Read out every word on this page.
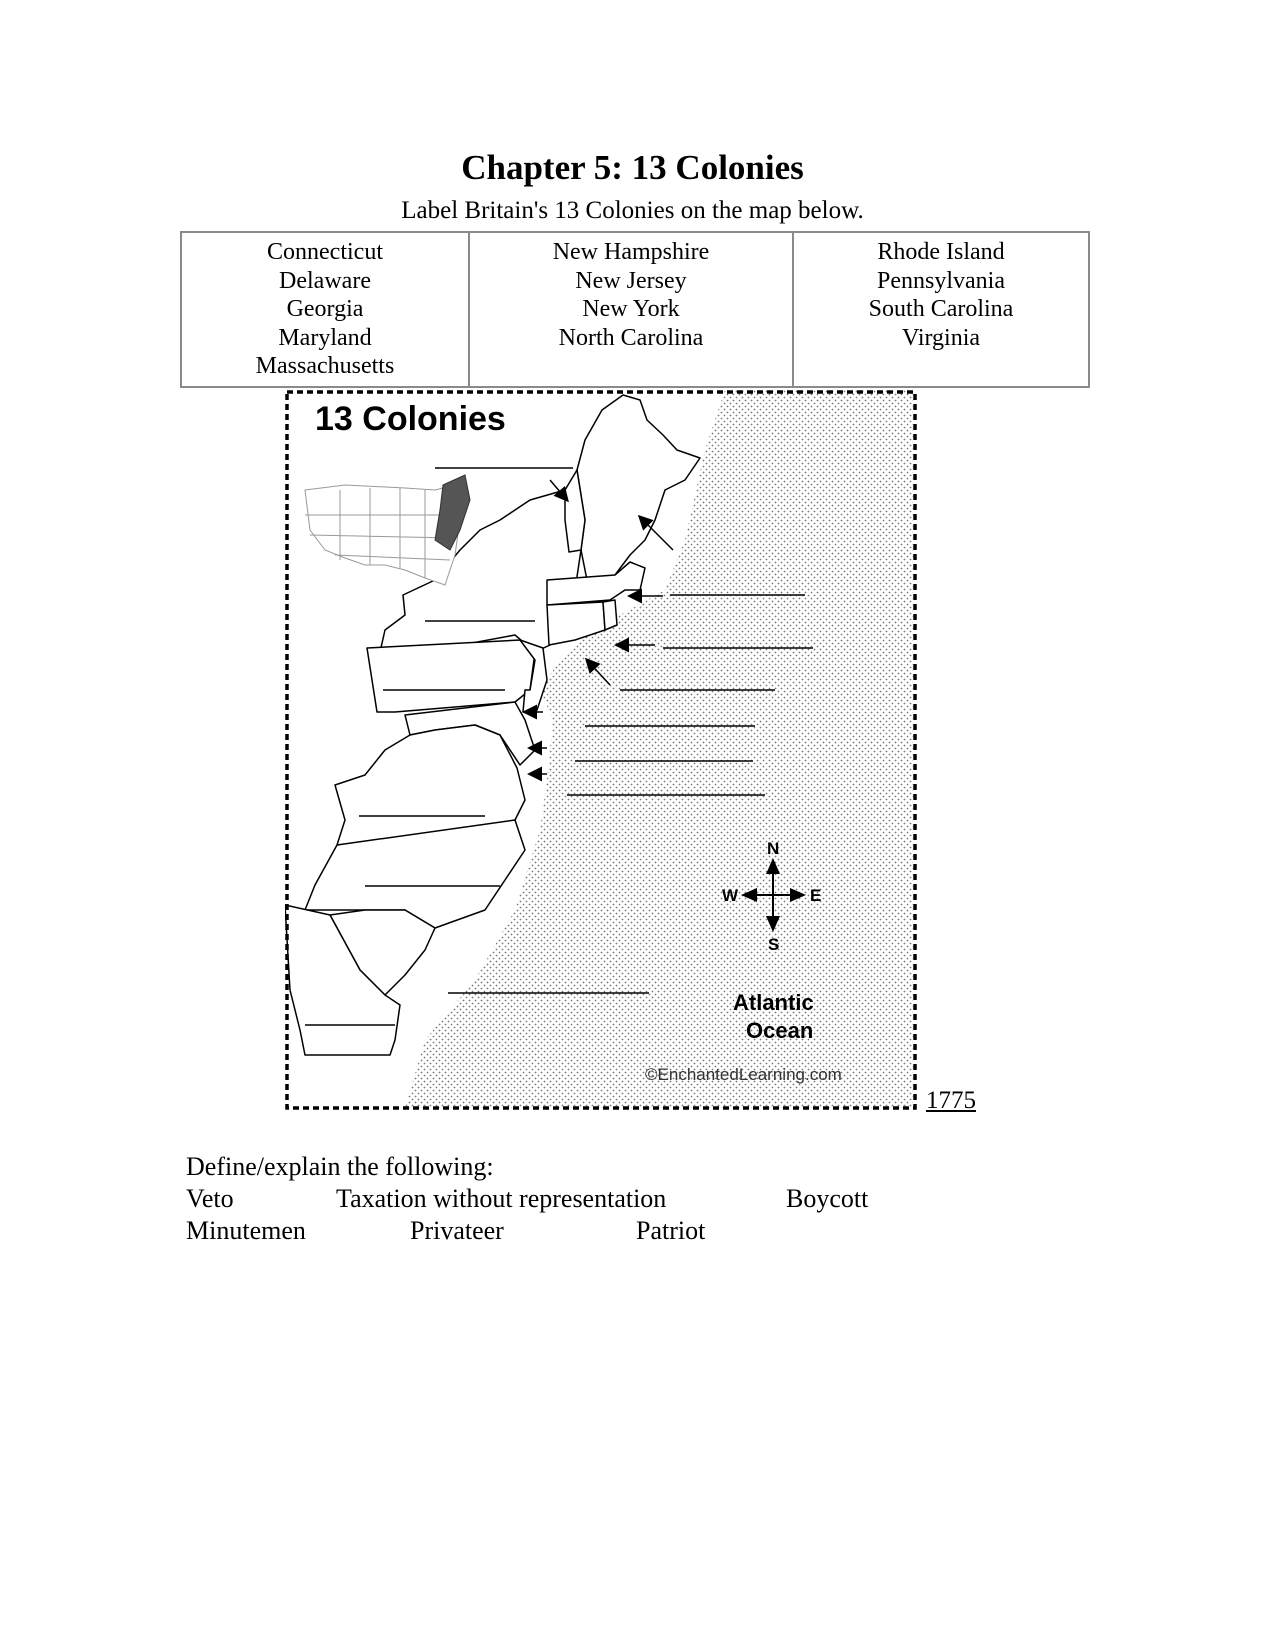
Chapter 5: 13 Colonies
Label Britain's 13 Colonies on the map below.
Connecticut
Delaware
Georgia
Maryland
Massachusetts

New Hampshire
New Jersey
New York
North Carolina

Rhode Island
Pennsylvania
South Carolina
Virginia
13 Colonies
N
S
W	E
Atlantic
Ocean
©EnchantedLearning.com
1775
Define/explain the following:
Veto	Taxation without representation	Boycott
Minutemen	Privateer	Patriot
